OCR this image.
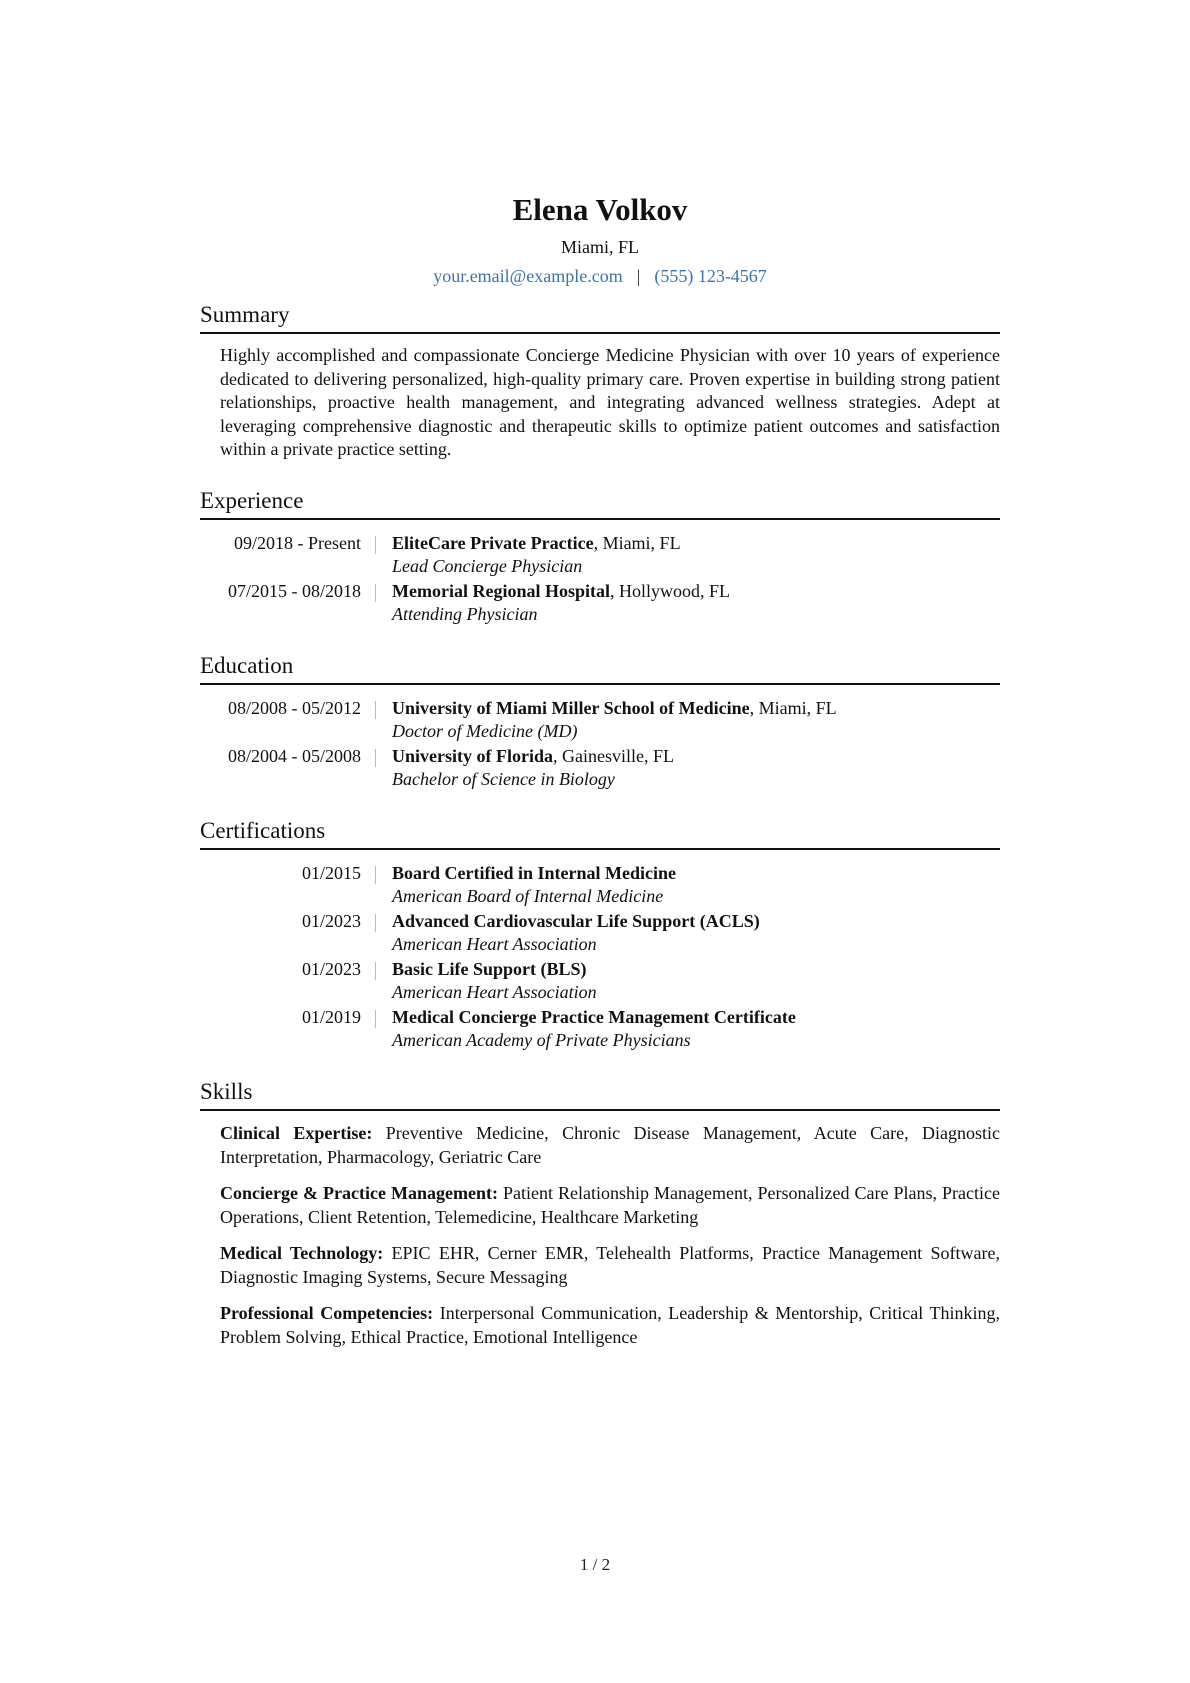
Elena Volkov
Miami, FL
your.email@example.com | (555) 123-4567
Summary
Highly accomplished and compassionate Concierge Medicine Physician with over 10 years of experience dedicated to delivering personalized, high-quality primary care. Proven expertise in building strong patient relationships, proactive health management, and integrating advanced wellness strategies. Adept at leveraging comprehensive diagnostic and therapeutic skills to optimize patient outcomes and satisfaction within a private practice setting.
Experience
09/2018 - Present	EliteCare Private Practice, Miami, FL
Lead Concierge Physician
07/2015 - 08/2018	Memorial Regional Hospital, Hollywood, FL
Attending Physician
Education
08/2008 - 05/2012	University of Miami Miller School of Medicine, Miami, FL
Doctor of Medicine (MD)
08/2004 - 05/2008	University of Florida, Gainesville, FL
Bachelor of Science in Biology
Certifications
01/2015	Board Certified in Internal Medicine
American Board of Internal Medicine
01/2023	Advanced Cardiovascular Life Support (ACLS)
American Heart Association
01/2023	Basic Life Support (BLS)
American Heart Association
01/2019	Medical Concierge Practice Management Certificate
American Academy of Private Physicians
Skills
Clinical Expertise: Preventive Medicine, Chronic Disease Management, Acute Care, Diagnostic Interpretation, Pharmacology, Geriatric Care
Concierge & Practice Management: Patient Relationship Management, Personalized Care Plans, Practice Operations, Client Retention, Telemedicine, Healthcare Marketing
Medical Technology: EPIC EHR, Cerner EMR, Telehealth Platforms, Practice Management Software, Diagnostic Imaging Systems, Secure Messaging
Professional Competencies: Interpersonal Communication, Leadership & Mentorship, Critical Thinking, Problem Solving, Ethical Practice, Emotional Intelligence
1 / 2
